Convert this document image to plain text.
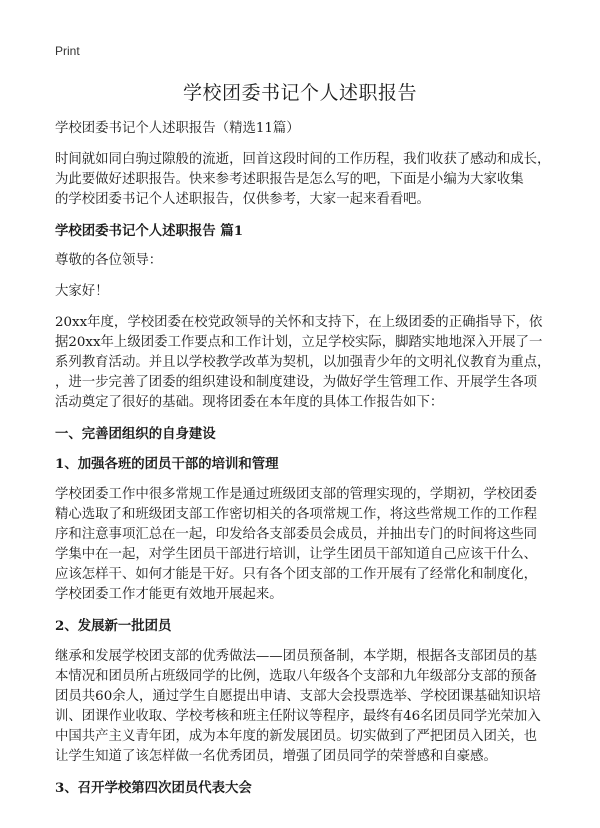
Print
学校团委书记个人述职报告
学校团委书记个人述职报告（精选11篇）
时间就如同白驹过隙般的流逝，回首这段时间的工作历程，我们收获了感动和成长，
为此要做好述职报告。快来参考述职报告是怎么写的吧，下面是小编为大家收集
的学校团委书记个人述职报告，仅供参考，大家一起来看看吧。
学校团委书记个人述职报告 篇1
尊敬的各位领导：
大家好！
20xx年度，学校团委在校党政领导的关怀和支持下，在上级团委的正确指导下，依
据20xx年上级团委工作要点和工作计划，立足学校实际，脚踏实地地深入开展了一
系列教育活动。并且以学校教学改革为契机，以加强青少年的文明礼仪教育为重点，
，进一步完善了团委的组织建设和制度建设，为做好学生管理工作、开展学生各项
活动奠定了很好的基础。现将团委在本年度的具体工作报告如下：
一、完善团组织的自身建设
1、加强各班的团员干部的培训和管理
学校团委工作中很多常规工作是通过班级团支部的管理实现的，学期初，学校团委
精心选取了和班级团支部工作密切相关的各项常规工作，将这些常规工作的工作程
序和注意事项汇总在一起，印发给各支部委员会成员，并抽出专门的时间将这些同
学集中在一起，对学生团员干部进行培训，让学生团员干部知道自己应该干什么、
应该怎样干、如何才能是干好。只有各个团支部的工作开展有了经常化和制度化，
学校团委工作才能更有效地开展起来。
2、发展新一批团员
继承和发展学校团支部的优秀做法——团员预备制，本学期，根据各支部团员的基
本情况和团员所占班级同学的比例，选取八年级各个支部和九年级部分支部的预备
团员共60余人，通过学生自愿提出申请、支部大会投票选举、学校团课基础知识培
训、团课作业收取、学校考核和班主任附议等程序，最终有46名团员同学光荣加入
中国共产主义青年团，成为本年度的新发展团员。切实做到了严把团员入团关，也
让学生知道了该怎样做一名优秀团员，增强了团员同学的荣誉感和自豪感。
3、召开学校第四次团员代表大会
